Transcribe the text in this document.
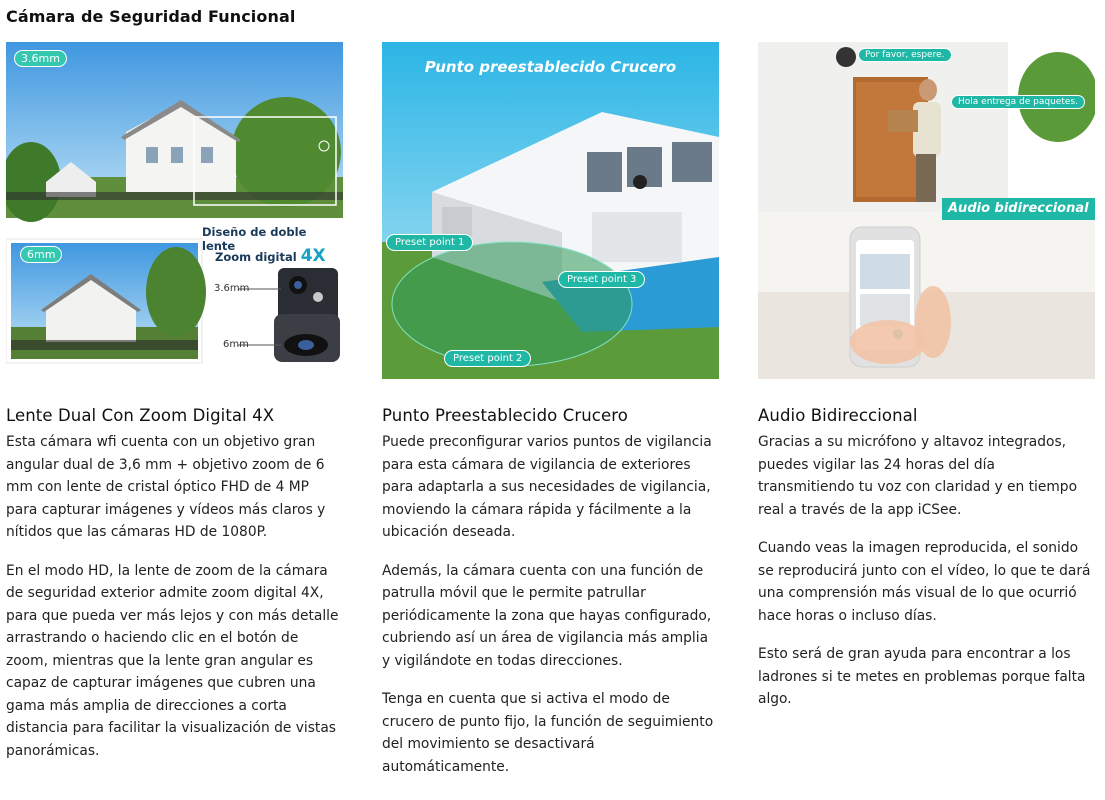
Cámara de Seguridad Funcional
3.6mm
6mm
Diseño de doble lente
Zoom digital 4X
3.6mm
6mm
Lente Dual Con Zoom Digital 4X

Esta cámara wfi cuenta con un objetivo gran angular dual de 3,6 mm + objetivo zoom de 6 mm con lente de cristal óptico FHD de 4 MP para capturar imágenes y vídeos más claros y nítidos que las cámaras HD de 1080P.

En el modo HD, la lente de zoom de la cámara de seguridad exterior admite zoom digital 4X, para que pueda ver más lejos y con más detalle arrastrando o haciendo clic en el botón de zoom, mientras que la lente gran angular es capaz de capturar imágenes que cubren una gama más amplia de direcciones a corta distancia para facilitar la visualización de vistas panorámicas.

Punto preestablecido Crucero
Preset point 1
Preset point 2
Preset point 3
Punto Preestablecido Crucero

Puede preconfigurar varios puntos de vigilancia para esta cámara de vigilancia de exteriores para adaptarla a sus necesidades de vigilancia, moviendo la cámara rápida y fácilmente a la ubicación deseada.

Además, la cámara cuenta con una función de patrulla móvil que le permite patrullar periódicamente la zona que hayas configurado, cubriendo así un área de vigilancia más amplia y vigilándote en todas direcciones.

Tenga en cuenta que si activa el modo de crucero de punto fijo, la función de seguimiento del movimiento se desactivará automáticamente.

Por favor, espere.
Hola entrega de paquetes.
Audio bidireccional
Audio Bidireccional

Gracias a su micrófono y altavoz integrados, puedes vigilar las 24 horas del día transmitiendo tu voz con claridad y en tiempo real a través de la app iCSee.

Cuando veas la imagen reproducida, el sonido se reproducirá junto con el vídeo, lo que te dará una comprensión más visual de lo que ocurrió hace horas o incluso días.

Esto será de gran ayuda para encontrar a los ladrones si te metes en problemas porque falta algo.
